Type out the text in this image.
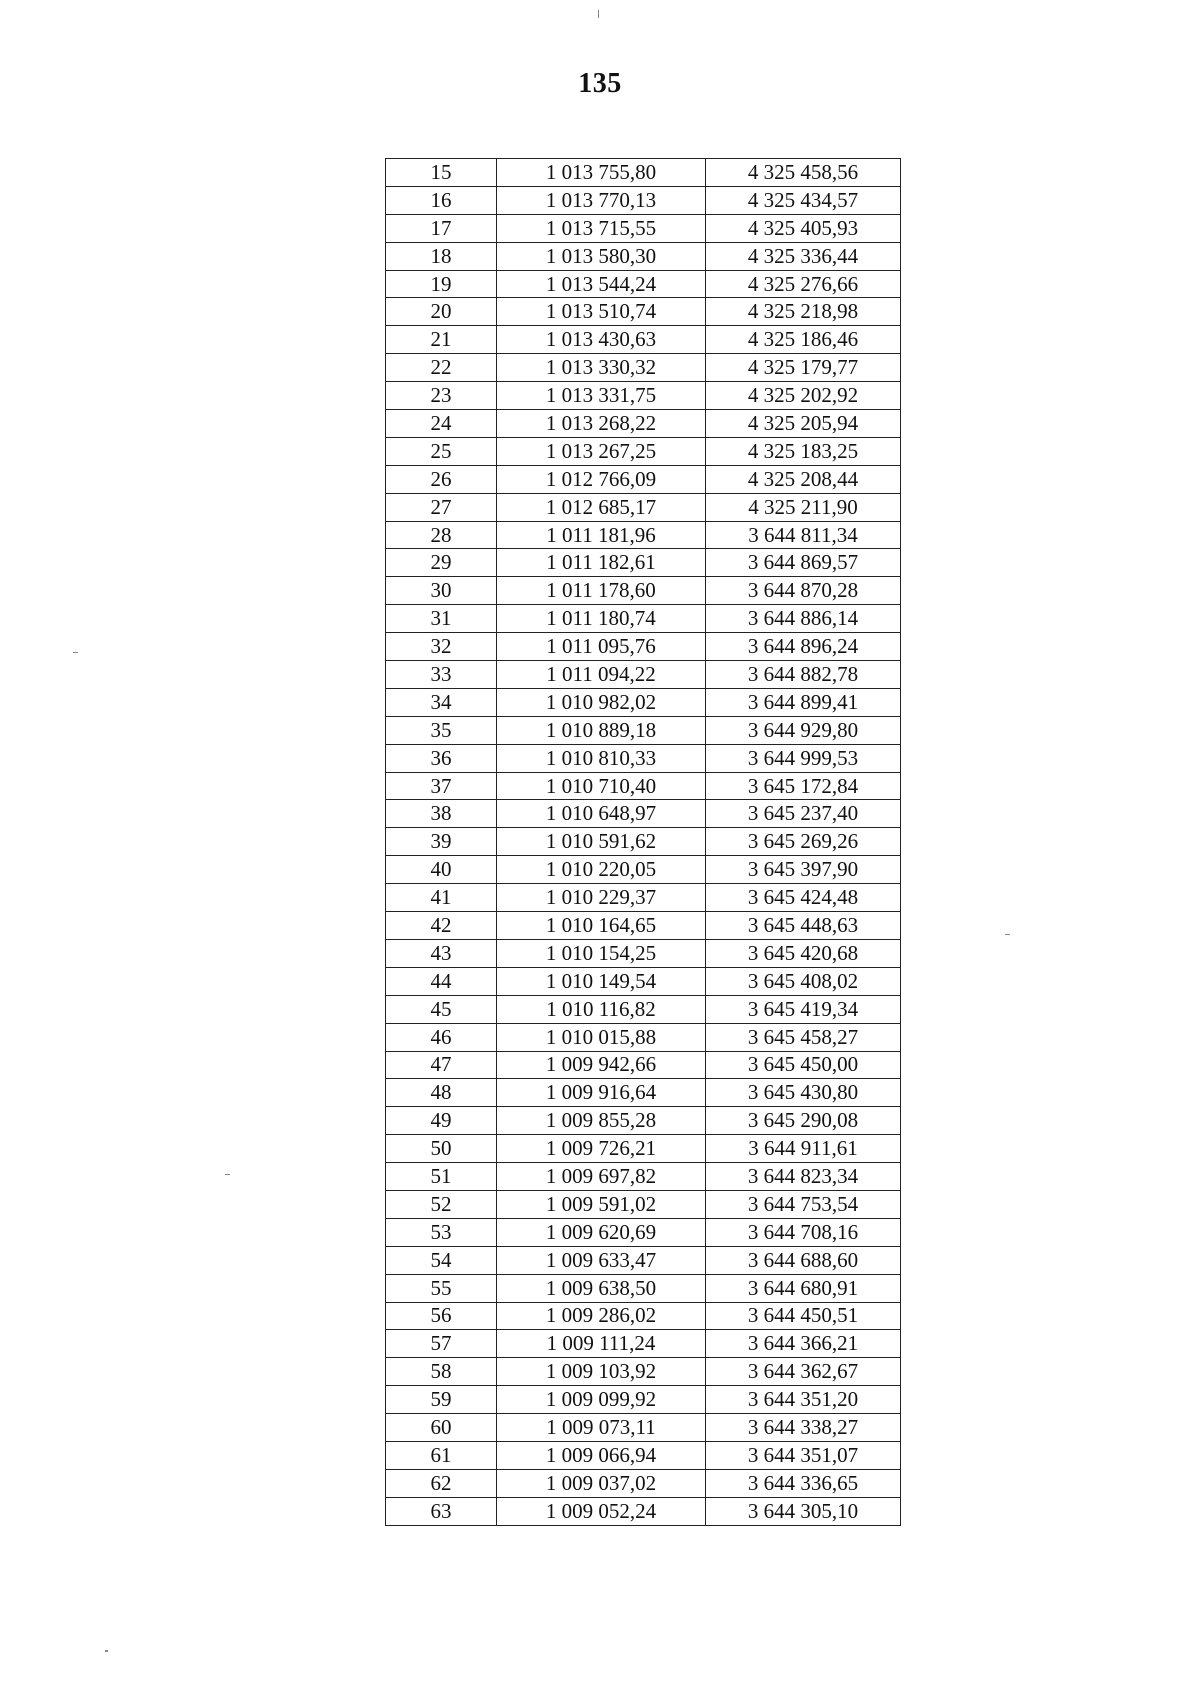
135
15	1 013 755,80	4 325 458,56
16	1 013 770,13	4 325 434,57
17	1 013 715,55	4 325 405,93
18	1 013 580,30	4 325 336,44
19	1 013 544,24	4 325 276,66
20	1 013 510,74	4 325 218,98
21	1 013 430,63	4 325 186,46
22	1 013 330,32	4 325 179,77
23	1 013 331,75	4 325 202,92
24	1 013 268,22	4 325 205,94
25	1 013 267,25	4 325 183,25
26	1 012 766,09	4 325 208,44
27	1 012 685,17	4 325 211,90
28	1 011 181,96	3 644 811,34
29	1 011 182,61	3 644 869,57
30	1 011 178,60	3 644 870,28
31	1 011 180,74	3 644 886,14
32	1 011 095,76	3 644 896,24
33	1 011 094,22	3 644 882,78
34	1 010 982,02	3 644 899,41
35	1 010 889,18	3 644 929,80
36	1 010 810,33	3 644 999,53
37	1 010 710,40	3 645 172,84
38	1 010 648,97	3 645 237,40
39	1 010 591,62	3 645 269,26
40	1 010 220,05	3 645 397,90
41	1 010 229,37	3 645 424,48
42	1 010 164,65	3 645 448,63
43	1 010 154,25	3 645 420,68
44	1 010 149,54	3 645 408,02
45	1 010 116,82	3 645 419,34
46	1 010 015,88	3 645 458,27
47	1 009 942,66	3 645 450,00
48	1 009 916,64	3 645 430,80
49	1 009 855,28	3 645 290,08
50	1 009 726,21	3 644 911,61
51	1 009 697,82	3 644 823,34
52	1 009 591,02	3 644 753,54
53	1 009 620,69	3 644 708,16
54	1 009 633,47	3 644 688,60
55	1 009 638,50	3 644 680,91
56	1 009 286,02	3 644 450,51
57	1 009 111,24	3 644 366,21
58	1 009 103,92	3 644 362,67
59	1 009 099,92	3 644 351,20
60	1 009 073,11	3 644 338,27
61	1 009 066,94	3 644 351,07
62	1 009 037,02	3 644 336,65
63	1 009 052,24	3 644 305,10
